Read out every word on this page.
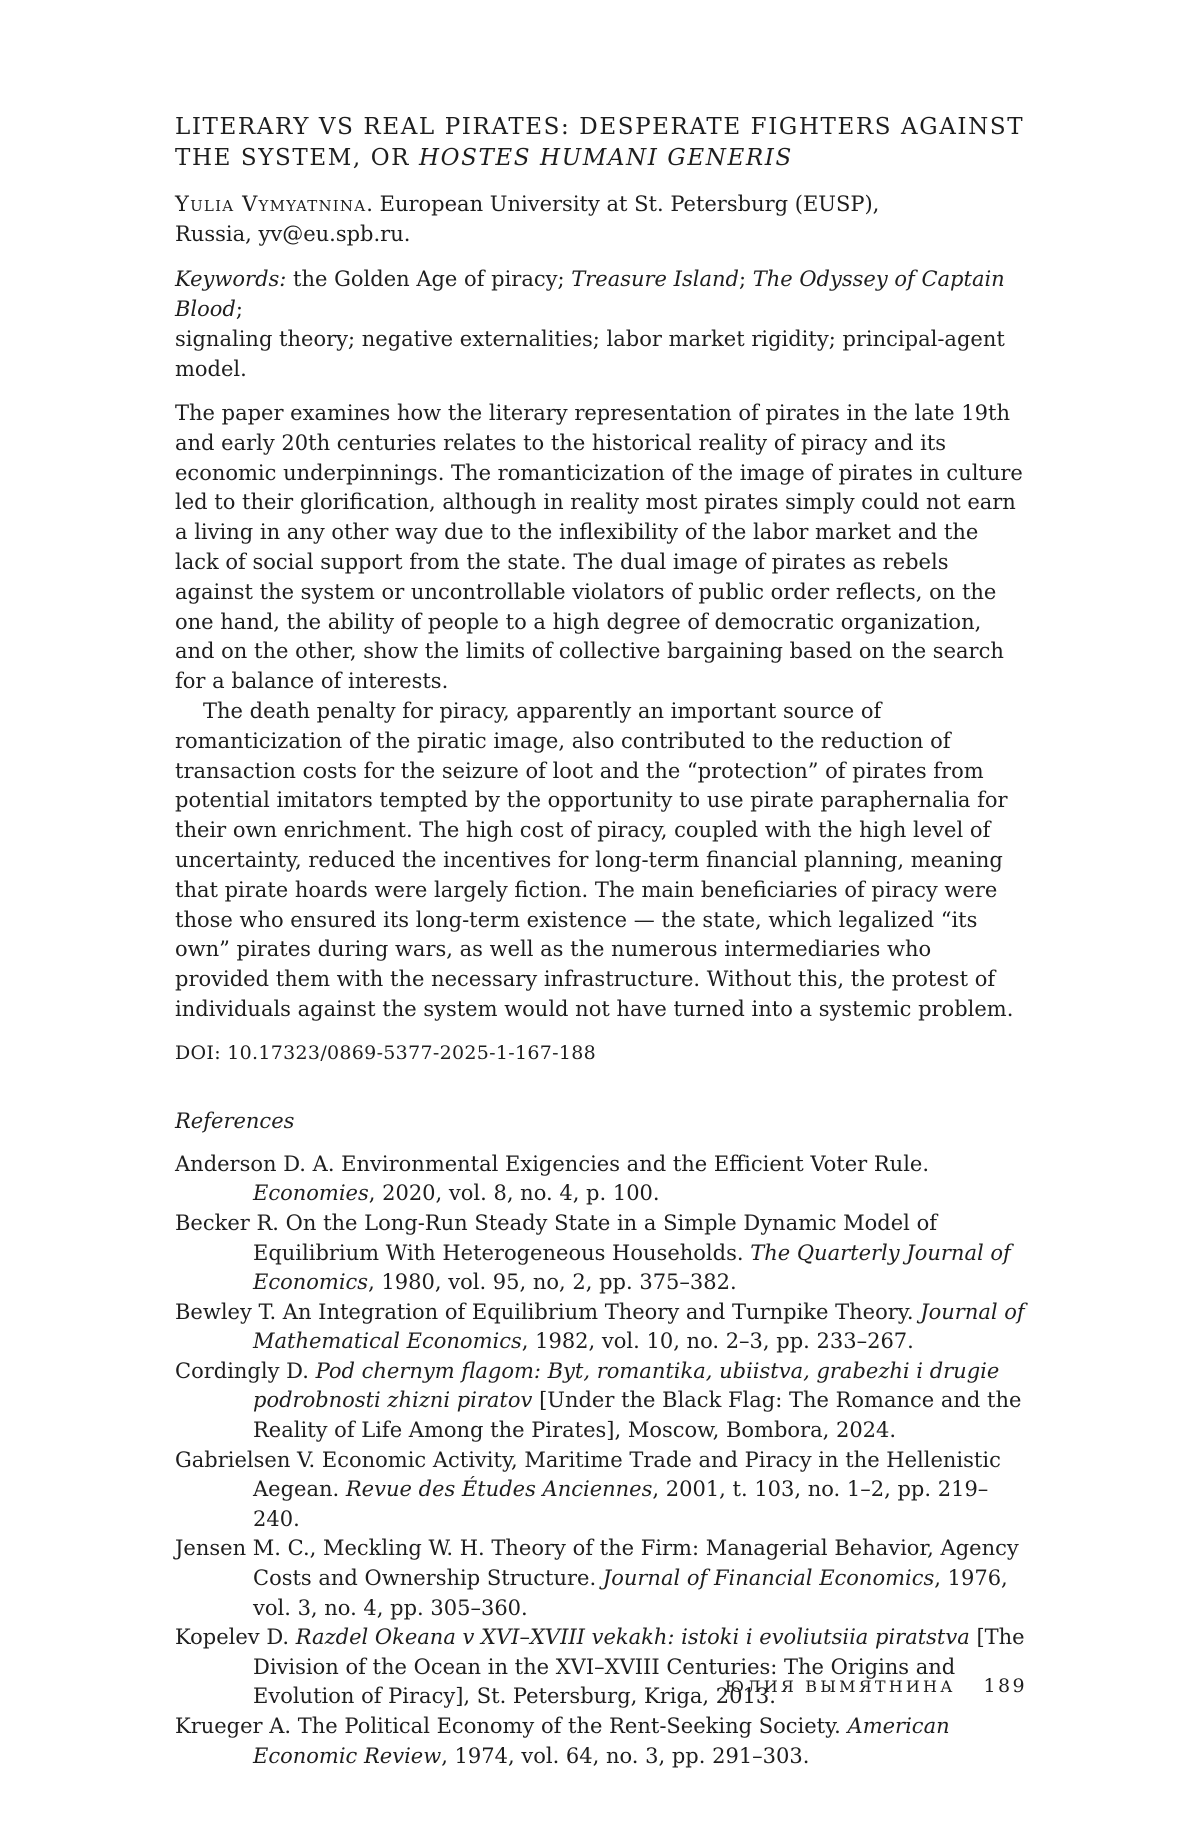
LITERARY VS REAL PIRATES: DESPERATE FIGHTERS AGAINST
THE SYSTEM, OR HOSTES HUMANI GENERIS
Yulia Vymyatnina. European University at St. Petersburg (EUSP),
Russia, yv@eu.spb.ru.
Keywords: the Golden Age of piracy; Treasure Island; The Odyssey of Captain Blood;
signaling theory; negative externalities; labor market rigidity; principal-agent model.

The paper examines how the literary representation of pirates in the late 19th and early 20th centuries relates to the historical reality of piracy and its economic underpinnings. The romanticization of the image of pirates in culture led to their glorification, although in reality most pirates simply could not earn a living in any other way due to the inflexibility of the labor market and the lack of social support from the state. The dual image of pirates as rebels against the system or uncontrollable violators of public order reflects, on the one hand, the ability of people to a high degree of democratic organization, and on the other, show the limits of collective bargaining based on the search for a balance of interests.

The death penalty for piracy, apparently an important source of romanticization of the piratic image, also contributed to the reduction of transaction costs for the seizure of loot and the “protection” of pirates from potential imitators tempted by the opportunity to use pirate paraphernalia for their own enrichment. The high cost of piracy, coupled with the high level of uncertainty, reduced the incentives for long-term financial planning, meaning that pirate hoards were largely fiction. The main beneficiaries of piracy were those who ensured its long-term existence — the state, which legalized “its own” pirates during wars, as well as the numerous intermediaries who provided them with the necessary infrastructure. Without this, the protest of individuals against the system would not have turned into a systemic problem.

DOI: 10.17323/0869-5377-2025-1-167-188
References

Anderson D. A. Environmental Exigencies and the Efficient Voter Rule. Economies, 2020, vol. 8, no. 4, p. 100.

Becker R. On the Long-Run Steady State in a Simple Dynamic Model of Equilibrium With Heterogeneous Households. The Quarterly Journal of Economics, 1980, vol. 95, no, 2, pp. 375–382.

Bewley T. An Integration of Equilibrium Theory and Turnpike Theory. Journal of Mathematical Economics, 1982, vol. 10, no. 2–3, pp. 233–267.

Cordingly D. Pod chernym flagom: Byt, romantika, ubiistva, grabezhi i drugie podrobnosti zhizni piratov [Under the Black Flag: The Romance and the Reality of Life Among the Pirates], Moscow, Bombora, 2024.

Gabrielsen V. Economic Activity, Maritime Trade and Piracy in the Hellenistic Aegean. Revue des Études Anciennes, 2001, t. 103, no. 1–2, pp. 219–240.

Jensen M. C., Meckling W. H. Theory of the Firm: Managerial Behavior, Agency Costs and Ownership Structure. Journal of Financial Economics, 1976, vol. 3, no. 4, pp. 305–360.

Kopelev D. Razdel Okeana v XVI–XVIII vekakh: istoki i evoliutsiia piratstva [The Division of the Ocean in the XVI–XVIII Centuries: The Origins and Evolution of Piracy], St. Petersburg, Kriga, 2013.

Krueger A. The Political Economy of the Rent-Seeking Society. American Economic Review, 1974, vol. 64, no. 3, pp. 291–303.

ЮЛИЯ ВЫМЯТНИНА 189
